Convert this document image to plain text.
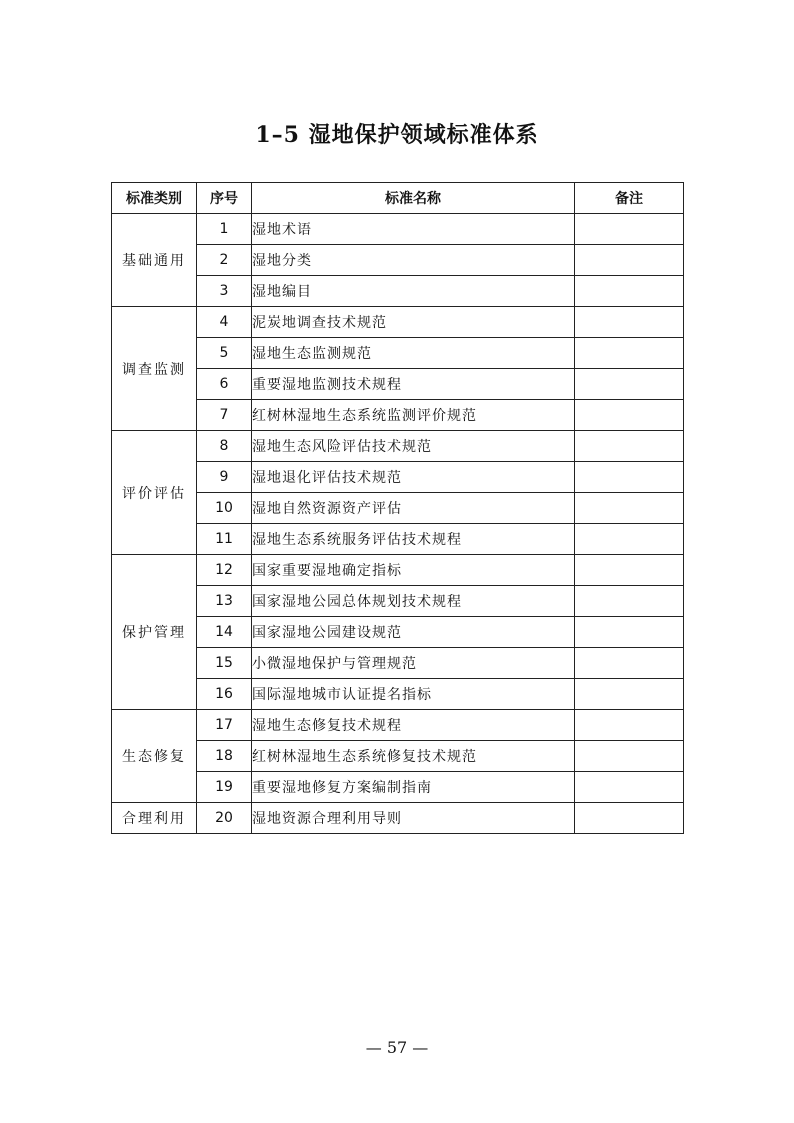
1–5 湿地保护领域标准体系
标准类别	序号	标准名称	备注
基础通用	1	湿地术语	
	2	湿地分类	
	3	湿地编目	
调查监测	4	泥炭地调查技术规范	
	5	湿地生态监测规范	
	6	重要湿地监测技术规程	
	7	红树林湿地生态系统监测评价规范	
评价评估	8	湿地生态风险评估技术规范	
	9	湿地退化评估技术规范	
	10	湿地自然资源资产评估	
	11	湿地生态系统服务评估技术规程	
保护管理	12	国家重要湿地确定指标	
	13	国家湿地公园总体规划技术规程	
	14	国家湿地公园建设规范	
	15	小微湿地保护与管理规范	
	16	国际湿地城市认证提名指标	
生态修复	17	湿地生态修复技术规程	
	18	红树林湿地生态系统修复技术规范	
	19	重要湿地修复方案编制指南	
合理利用	20	湿地资源合理利用导则	
— 57 —
